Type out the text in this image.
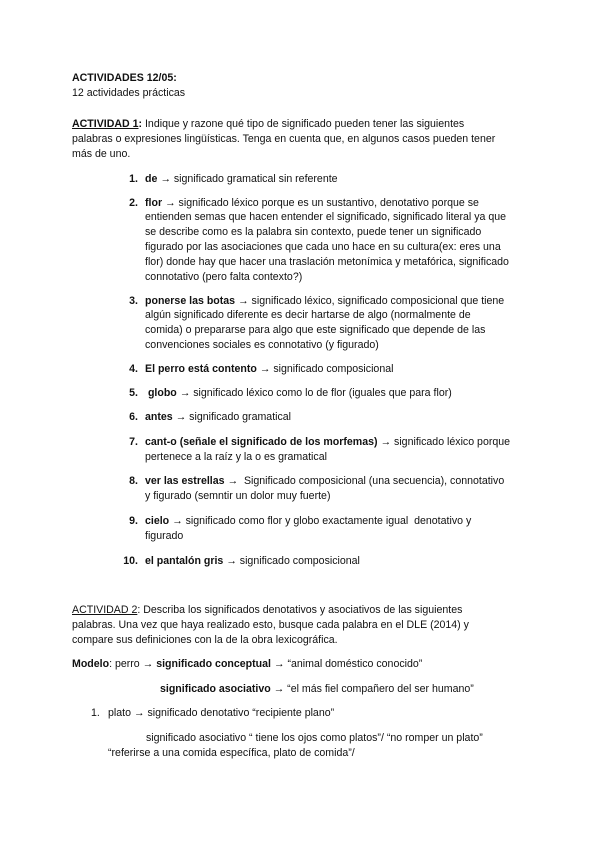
ACTIVIDADES 12/05:
12 actividades prácticas
ACTIVIDAD 1: Indique y razone qué tipo de significado pueden tener las siguientes
palabras o expresiones lingüísticas. Tenga en cuenta que, en algunos casos pueden tener
más de uno.
1. de → significado gramatical sin referente
2. flor → significado léxico porque es un sustantivo, denotativo porque se
entienden semas que hacen entender el significado, significado literal ya que
se describe como es la palabra sin contexto, puede tener un significado
figurado por las asociaciones que cada uno hace en su cultura(ex: eres una
flor) donde hay que hacer una traslación metonímica y metafórica, significado
connotativo (pero falta contexto?)
3. ponerse las botas → significado léxico, significado composicional que tiene
algún significado diferente es decir hartarse de algo (normalmente de
comida) o prepararse para algo que este significado que depende de las
convenciones sociales es connotativo (y figurado)
4. El perro está contento → significado composicional
5. globo → significado léxico como lo de flor (iguales que para flor)
6. antes → significado gramatical
7. cant-o (señale el significado de los morfemas) → significado léxico porque
pertenece a la raíz y la o es gramatical
8. ver las estrellas →  Significado composicional (una secuencia), connotativo
y figurado (semntir un dolor muy fuerte)
9. cielo → significado como flor y globo exactamente igual  denotativo y
figurado
10. el pantalón gris → significado composicional
ACTIVIDAD 2: Describa los significados denotativos y asociativos de las siguientes
palabras. Una vez que haya realizado esto, busque cada palabra en el DLE (2014) y
compare sus definiciones con la de la obra lexicográfica.
Modelo: perro → significado conceptual → “animal doméstico conocido”
significado asociativo → “el más fiel compañero del ser humano”
1. plato → significado denotativo “recipiente plano”
significado asociativo “ tiene los ojos como platos”/ “no romper un plato”
“referirse a una comida específica, plato de comida”/
